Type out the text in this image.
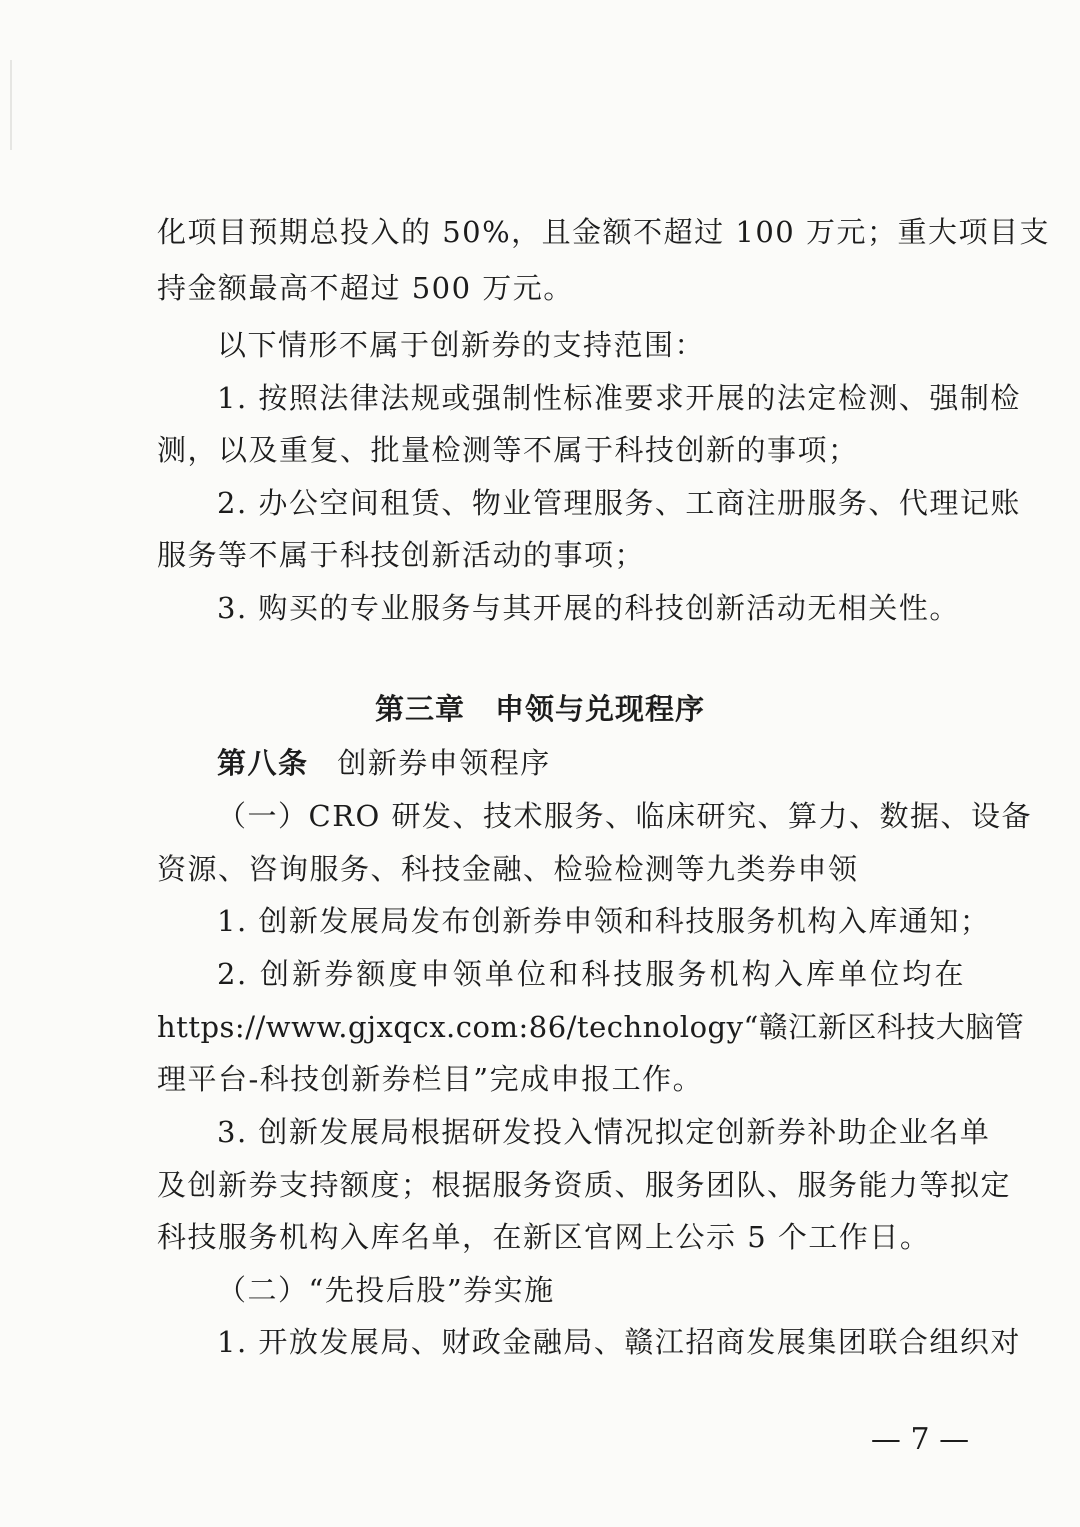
化项目预期总投入的 50%，且金额不超过 100 万元；重大项目支
持金额最高不超过 500 万元。
以下情形不属于创新券的支持范围：
1. 按照法律法规或强制性标准要求开展的法定检测、强制检
测，以及重复、批量检测等不属于科技创新的事项；
2. 办公空间租赁、物业管理服务、工商注册服务、代理记账
服务等不属于科技创新活动的事项；
3. 购买的专业服务与其开展的科技创新活动无相关性。
第三章　申领与兑现程序
第八条 创新券申领程序
（一）CRO 研发、技术服务、临床研究、算力、数据、设备
资源、咨询服务、科技金融、检验检测等九类券申领
1. 创新发展局发布创新券申领和科技服务机构入库通知；
2. 创新券额度申领单位和科技服务机构入库单位均在
https://www.gjxqcx.com:86/technology“赣江新区科技大脑管
理平台-科技创新券栏目”完成申报工作。
3. 创新发展局根据研发投入情况拟定创新券补助企业名单
及创新券支持额度；根据服务资质、服务团队、服务能力等拟定
科技服务机构入库名单，在新区官网上公示 5 个工作日。
（二）“先投后股”券实施
1. 开放发展局、财政金融局、赣江招商发展集团联合组织对
— 7 —
